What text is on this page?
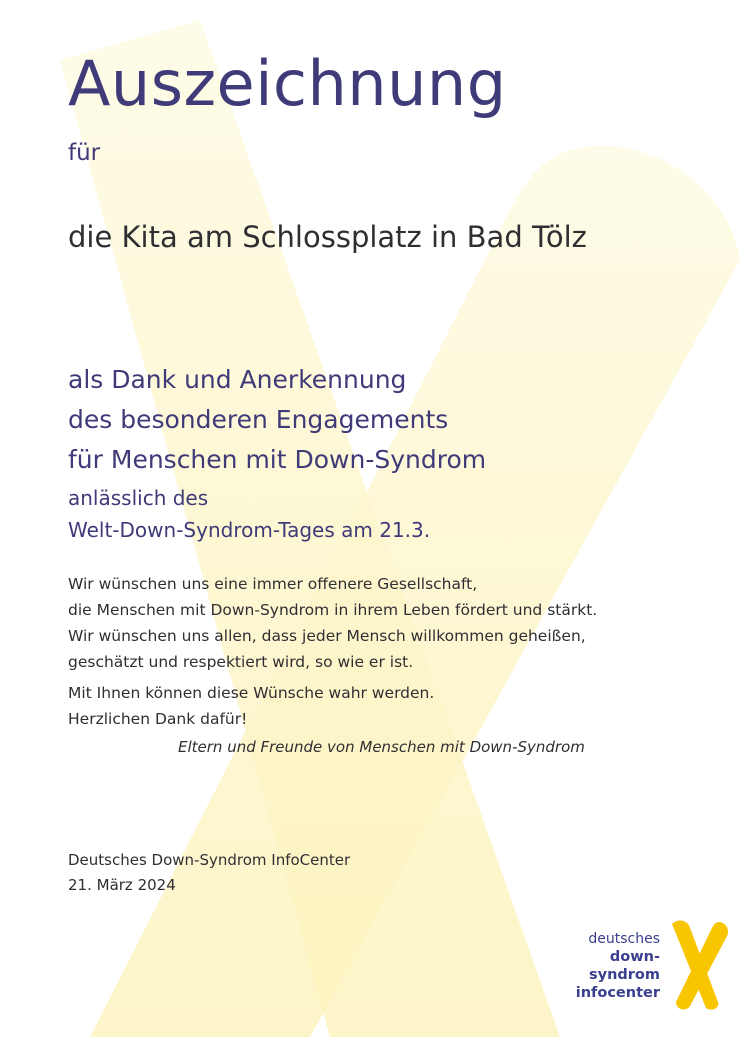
Auszeichnung
für
die Kita am Schlossplatz in Bad Tölz
als Dank und Anerkennung
des besonderen Engagements
für Menschen mit Down-Syndrom
anlässlich des
Welt-Down-Syndrom-Tages am 21.3.
Wir wünschen uns eine immer offenere Gesellschaft,
die Menschen mit Down-Syndrom in ihrem Leben fördert und stärkt.
Wir wünschen uns allen, dass jeder Mensch willkommen geheißen,
geschätzt und respektiert wird, so wie er ist.
Mit Ihnen können diese Wünsche wahr werden.
Herzlichen Dank dafür!
Eltern und Freunde von Menschen mit Down-Syndrom
Deutsches Down-Syndrom InfoCenter
21. März 2024
deutsches
down-syndrom
infocenter
